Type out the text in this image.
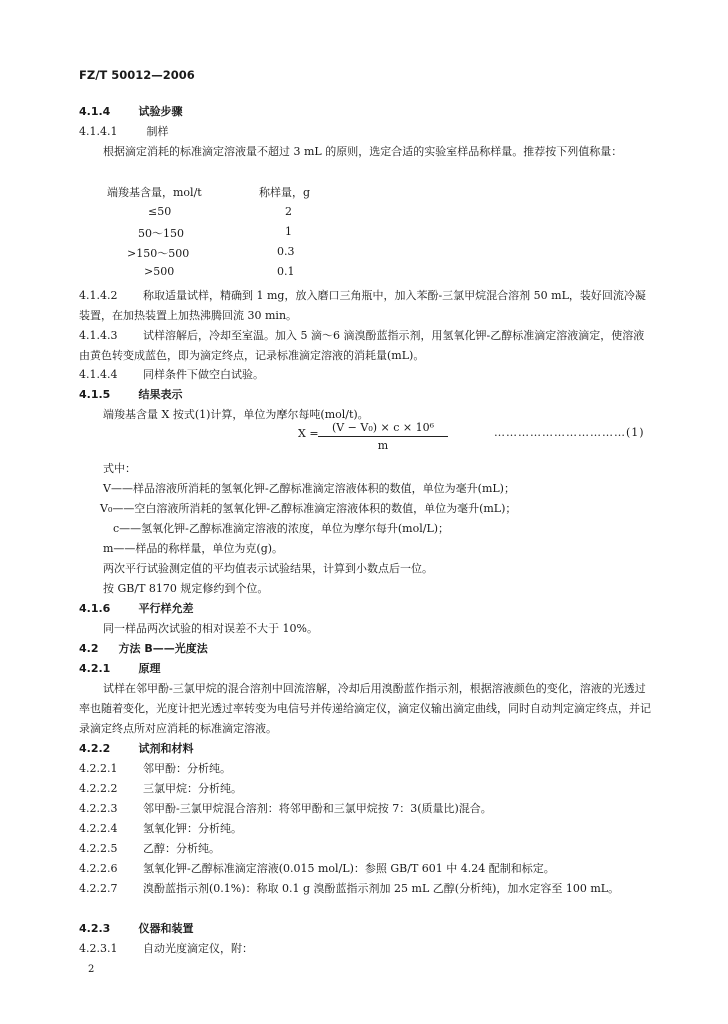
FZ/T 50012—2006
4.1.4	试验步骤
4.1.4.1	制样
根据滴定消耗的标准滴定溶液量不超过 3 mL 的原则，选定合适的实验室样品称样量。推荐按下列值称量：
端羧基含量，mol/t	称样量，g
≤50	2
50～150	1
>150～500	0.3
>500	0.1
4.1.4.2 称取适量试样，精确到 1 mg，放入磨口三角瓶中，加入苯酚-三氯甲烷混合溶剂 50 mL，装好回流冷凝装置，在加热装置上加热沸腾回流 30 min。
4.1.4.3 试样溶解后，冷却至室温。加入 5 滴～6 滴溴酚蓝指示剂，用氢氧化钾-乙醇标准滴定溶液滴定，使溶液由黄色转变成蓝色，即为滴定终点，记录标准滴定溶液的消耗量(mL)。
4.1.4.4 同样条件下做空白试验。
4.1.5	结果表示
端羧基含量 X 按式(1)计算，单位为摩尔每吨(mol/t)。
X =	(V − V₀) × c × 10⁶
m
……………………………(1)
式中：
V——样品溶液所消耗的氢氧化钾-乙醇标准滴定溶液体积的数值，单位为毫升(mL)；
V₀——空白溶液所消耗的氢氧化钾-乙醇标准滴定溶液体积的数值，单位为毫升(mL)；
c——氢氧化钾-乙醇标准滴定溶液的浓度，单位为摩尔每升(mol/L)；
m——样品的称样量，单位为克(g)。
两次平行试验测定值的平均值表示试验结果，计算到小数点后一位。
按 GB/T 8170 规定修约到个位。
4.1.6	平行样允差
同一样品两次试验的相对误差不大于 10%。
4.2 方法 B——光度法
4.2.1	原理
试样在邻甲酚-三氯甲烷的混合溶剂中回流溶解，冷却后用溴酚蓝作指示剂，根据溶液颜色的变化，溶液的光透过率也随着变化，光度计把光透过率转变为电信号并传递给滴定仪，滴定仪输出滴定曲线，同时自动判定滴定终点，并记录滴定终点所对应消耗的标准滴定溶液。
4.2.2	试剂和材料
4.2.2.1 邻甲酚：分析纯。
4.2.2.2 三氯甲烷：分析纯。
4.2.2.3 邻甲酚-三氯甲烷混合溶剂：将邻甲酚和三氯甲烷按 7：3(质量比)混合。
4.2.2.4 氢氧化钾：分析纯。
4.2.2.5 乙醇：分析纯。
4.2.2.6 氢氧化钾-乙醇标准滴定溶液(0.015 mol/L)：参照 GB/T 601 中 4.24 配制和标定。
4.2.2.7 溴酚蓝指示剂(0.1%)：称取 0.1 g 溴酚蓝指示剂加 25 mL 乙醇(分析纯)，加水定容至 100 mL。
4.2.3	仪器和装置
4.2.3.1 自动光度滴定仪，附：
2
